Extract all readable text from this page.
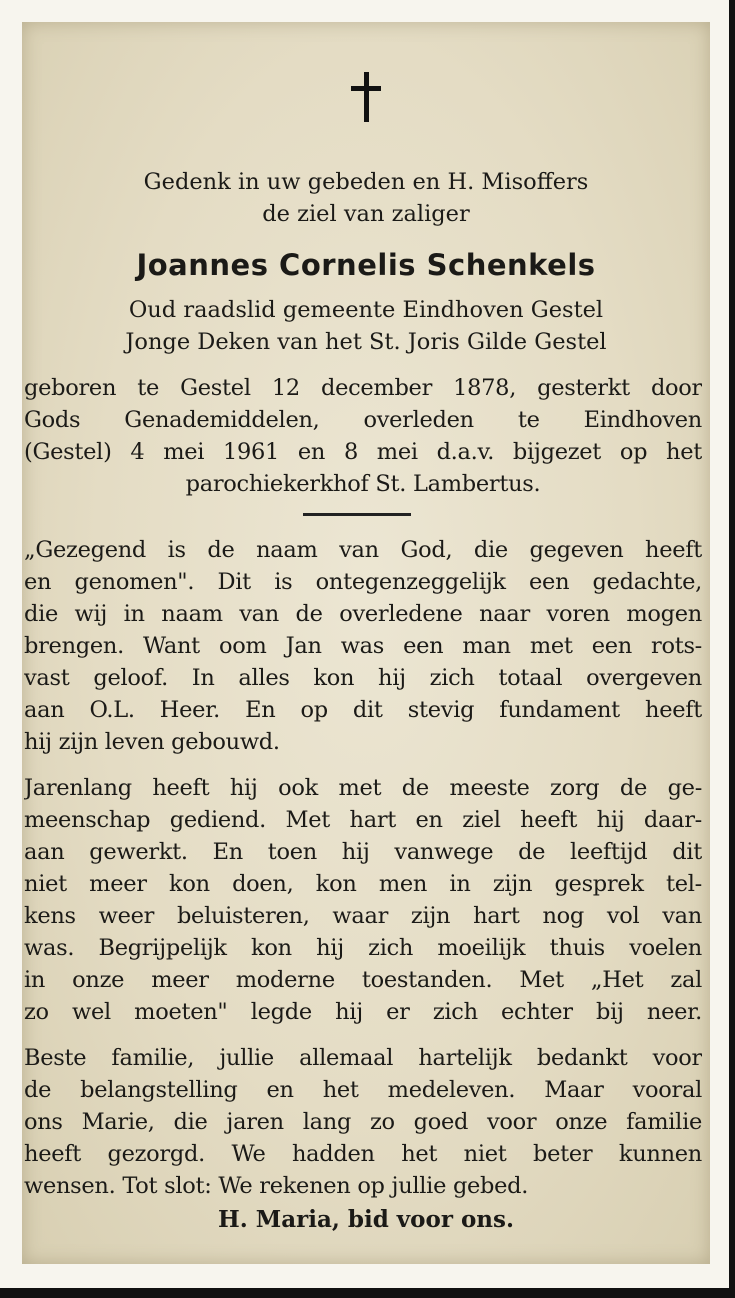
Gedenk in uw gebeden en H. Misoffers
de ziel van zaliger
Joannes Cornelis Schenkels
Oud raadslid gemeente Eindhoven Gestel
Jonge Deken van het St. Joris Gilde Gestel
geboren te Gestel 12 december 1878, gesterkt door
Gods Genademiddelen, overleden te Eindhoven
(Gestel) 4 mei 1961 en 8 mei d.a.v. bijgezet op het
parochiekerkhof St. Lambertus.
„Gezegend is de naam van God, die gegeven heeft
en genomen". Dit is ontegenzeggelijk een gedachte,
die wij in naam van de overledene naar voren mogen
brengen. Want oom Jan was een man met een rots-
vast geloof. In alles kon hij zich totaal overgeven
aan O.L. Heer. En op dit stevig fundament heeft
hij zijn leven gebouwd.
Jarenlang heeft hij ook met de meeste zorg de ge-
meenschap gediend. Met hart en ziel heeft hij daar-
aan gewerkt. En toen hij vanwege de leeftijd dit
niet meer kon doen, kon men in zijn gesprek tel-
kens weer beluisteren, waar zijn hart nog vol van
was. Begrijpelijk kon hij zich moeilijk thuis voelen
in onze meer moderne toestanden. Met „Het zal
zo wel moeten" legde hij er zich echter bij neer.
Beste familie, jullie allemaal hartelijk bedankt voor
de belangstelling en het medeleven. Maar vooral
ons Marie, die jaren lang zo goed voor onze familie
heeft gezorgd. We hadden het niet beter kunnen
wensen. Tot slot: We rekenen op jullie gebed.
H. Maria, bid voor ons.
